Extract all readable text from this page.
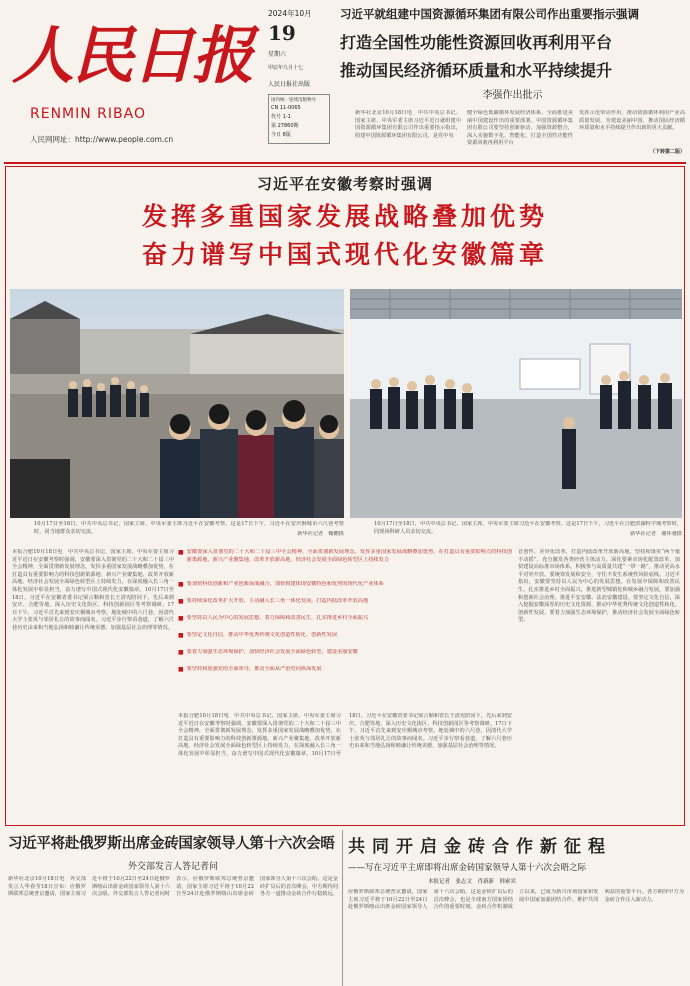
人民日报
RENMIN RIBAO
人民网网址：http://www.people.com.cn
2024年10月
19
星期六
甲辰年九月十七
人民日报社出版
国内统一连续出版物号
CN 11-0065
代号 1-1
第 27860期
今日 8版
习近平就组建中国资源循环集团有限公司作出重要指示强调
打造全国性功能性资源回收再利用平台
推动国民经济循环质量和水平持续提升
李强作出批示
新华社北京10月18日电　中共中央总书记、国家主席、中央军委主席习近平近日就组建中国资源循环集团有限公司作出重要指示指出，组建中国资源循环集团有限公司，是党中央
健全绿色低碳循环发展经济体系、全面推进美丽中国建设作出的重要部署。中国资源循环集团有限公司要坚持创新驱动，加强资源整合，深入实施数字化、智能化，打造全国性功能性资源回收再利用平台
发挥示范带动作用，推动资源循环利用产业高质量发展，为建设美丽中国、推动国民经济循环质量和水平持续提升作出新的更大贡献。
（下转第二版）
习近平在安徽考察时强调
发挥多重国家发展战略叠加优势
奋力谱写中国式现代化安徽篇章
10月17日至18日，中共中央总书记、国家主席、中央军委主席习近平在安徽考察。这是17日下午，习近平在安庆桐城市六尺巷考察时，同当地群众亲切交流。	新华社记者　鞠鹏摄
10月17日至18日，中共中央总书记、国家主席、中央军委主席习近平在安徽考察。这是17日下午，习近平在合肥滨湖科学城考察时，同现场科研人员亲切交流。	新华社记者　谢环驰摄
本报合肥10月18日电　中共中央总书记、国家主席、中央军委主席习近平近日在安徽考察时强调，安徽要深入贯彻党的二十大和二十届三中全会精神，全面贯彻新发展理念，发挥多重国家发展战略叠加优势，在打造具有重要影响力的科技创新策源地、新兴产业聚集地、改革开放新高地、经济社会发展全面绿色转型区上持续发力，在深度融入长三角一体化发展中彰显担当，奋力谱写中国式现代化安徽篇章。10月17日至18日，习近平在安徽省委书记梁言顺和省长王清宪陪同下，先后来到安庆、合肥等地，深入历史文化街区、科技创新园区等考察调研。17日下午，习近平首先来到安庆桐城市考察。地处城中的六尺巷，因清代大学士张英与邻居礼让的故事而闻名。习近平步行察看巷道，了解六尺巷历史由来和当地弘扬和睦谦让传统美德、加强基层社会治理等情况。
■ 安徽要深入贯彻党的二十大和二十届三中全会精神，全面贯彻新发展理念，发挥多重国家发展战略叠加优势，在打造具有重要影响力的科技创新策源地、新兴产业聚集地、改革开放新高地、经济社会发展全面绿色转型区上持续发力
■ 要加快科技创新和产业创新深度融合，加快构建体现安徽特色和优势的现代化产业体系
■ 要持续深化改革扩大开放，主动融入长三角一体化发展，打造内陆改革开放高地
■ 要坚持以人民为中心的发展思想，着力保障和改善民生，扎实推进乡村全面振兴
■ 要坚定文化自信，推动中华优秀传统文化创造性转化、创新性发展
■ 要着力加强生态环境保护，加快经济社会发展全面绿色转型，建设美丽安徽
■ 要坚持和加强党的全面领导，推动全面从严治党向纵深发展
本报合肥10月18日电　中共中央总书记、国家主席、中央军委主席习近平近日在安徽考察时强调，安徽要深入贯彻党的二十大和二十届三中全会精神，全面贯彻新发展理念，发挥多重国家发展战略叠加优势，在打造具有重要影响力的科技创新策源地、新兴产业聚集地、改革开放新高地、经济社会发展全面绿色转型区上持续发力，在深度融入长三角一体化发展中彰显担当，奋力谱写中国式现代化安徽篇章。10月17日至18日，习近平在安徽省委书记梁言顺和省长王清宪陪同下，先后来到安庆、合肥等地，深入历史文化街区、科技创新园区等考察调研。17日下午，习近平首先来到安庆桐城市考察。地处城中的六尺巷，因清代大学士张英与邻居礼让的故事而闻名。习近平步行察看巷道，了解六尺巷历史由来和当地弘扬和睦谦让传统美德、加强基层社会治理等情况。
首创性、差异化改革，打造内陆改革开放新高地。坚持和落实“两个毫不动摇”，充分激发各类经营主体活力。深化要素市场化配置改革，加快建设高标准市场体系。积极参与高质量共建“一带一路”，推动更高水平对外开放。要统筹发展和安全，守住不发生系统性风险底线。习近平指出，安徽要坚持以人民为中心的发展思想，在发展中保障和改善民生，扎实推进乡村全面振兴，推进新型城镇化和城乡融合发展。要加强和创新社会治理，推进平安安徽、法治安徽建设。要坚定文化自信，深入挖掘安徽深厚的历史文化资源，推动中华优秀传统文化创造性转化、创新性发展。要着力加强生态环境保护，推动经济社会发展全面绿色转型。
习近平将赴俄罗斯出席金砖国家领导人第十六次会晤
外交部发言人答记者问
新华社北京10月18日电　外交部发言人华春莹18日宣布：应俄罗斯联邦总统普京邀请，国家主席习近平将于10月22日至24日赴俄罗斯喀山出席金砖国家领导人第十六次会晤。外交部发言人答记者问时表示，应俄罗斯联邦总统普京邀请，国家主席习近平将于10月22日至24日赴俄罗斯喀山出席金砖国家领导人第十六次会晤。这是金砖扩员后的首次峰会，中方期待同各方一道推动金砖合作行稳致远。
共同开启金砖合作新征程
——写在习近平主席即将出席金砖国家领导人第十六次会晤之际
本报记者　张志文　肖新新　韩索宾
应俄罗斯联邦总统普京邀请，国家主席习近平将于10月22日至24日赴俄罗斯喀山出席金砖国家领导人第十六次会晤。这是金砖扩员后的首次峰会，也是全球南方国家团结合作的重要时刻。金砖合作机制成立以来，已成为新兴市场国家和发展中国家加强团结合作、维护共同利益的重要平台。各方期待中方为金砖合作注入新动力。
